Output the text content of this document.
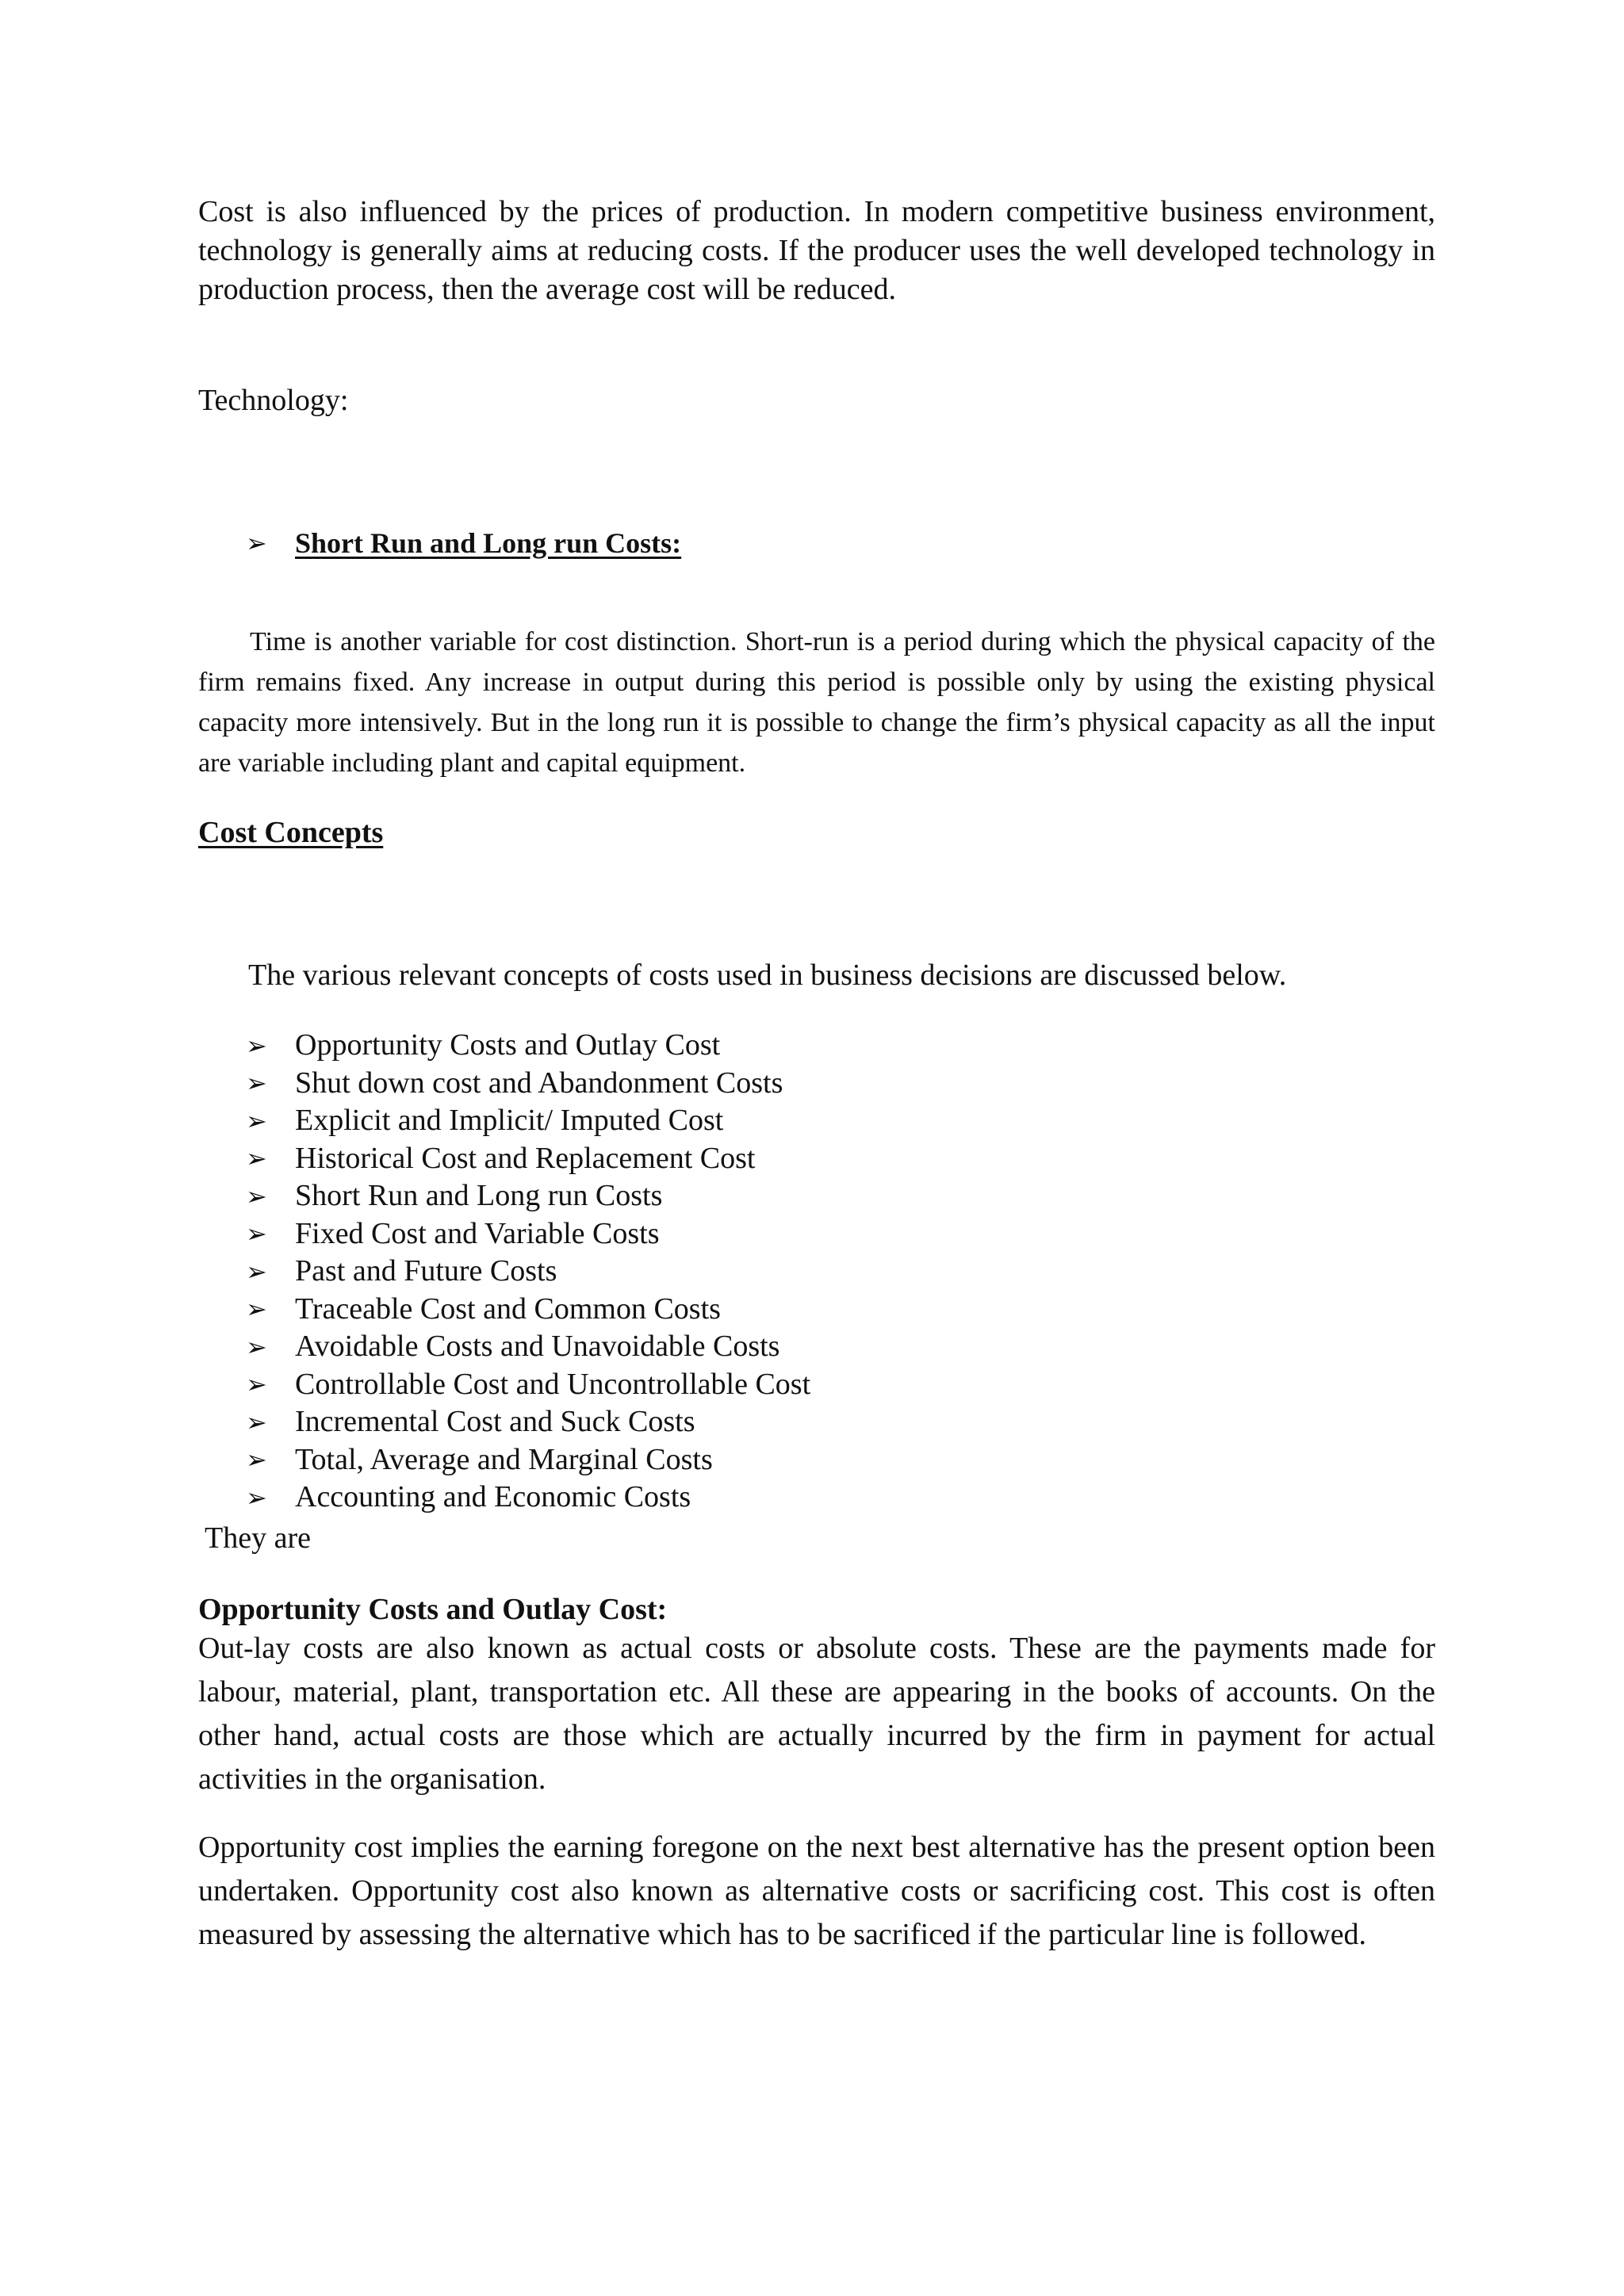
Cost is also influenced by the prices of production. In modern competitive business environment, technology is generally aims at reducing costs. If the producer uses the well developed technology in production process, then the average cost will be reduced.

Technology:

➢ Short Run and Long run Costs:

Time is another variable for cost distinction. Short-run is a period during which the physical capacity of the firm remains fixed. Any increase in output during this period is possible only by using the existing physical capacity more intensively. But in the long run it is possible to change the firm’s physical capacity as all the input are variable including plant and capital equipment.

Cost Concepts

The various relevant concepts of costs used in business decisions are discussed below.

➢ Opportunity Costs and Outlay Cost
➢ Shut down cost and Abandonment Costs
➢ Explicit and Implicit/ Imputed Cost
➢ Historical Cost and Replacement Cost
➢ Short Run and Long run Costs
➢ Fixed Cost and Variable Costs
➢ Past and Future Costs
➢ Traceable Cost and Common Costs
➢ Avoidable Costs and Unavoidable Costs
➢ Controllable Cost and Uncontrollable Cost
➢ Incremental Cost and Suck Costs
➢ Total, Average and Marginal Costs
➢ Accounting and Economic Costs
They are
Opportunity Costs and Outlay Cost:

Out-lay costs are also known as actual costs or absolute costs. These are the payments made for labour, material, plant, transportation etc. All these are appearing in the books of accounts. On the other hand, actual costs are those which are actually incurred by the firm in payment for actual activities in the organisation.

Opportunity cost implies the earning foregone on the next best alternative has the present option been undertaken. Opportunity cost also known as alternative costs or sacrificing cost. This cost is often measured by assessing the alternative which has to be sacrificed if the particular line is followed.
